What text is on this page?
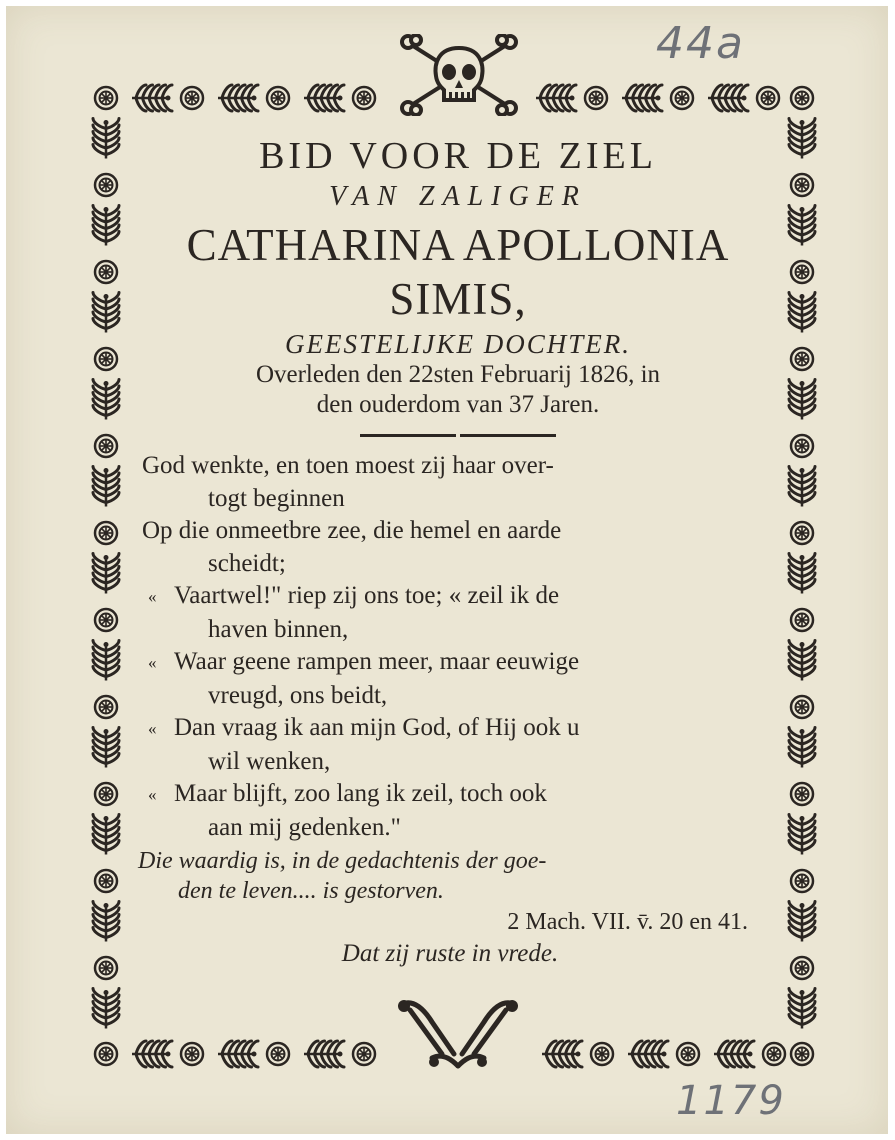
44a
1179
BID VOOR DE ZIEL
VAN ZALIGER
CATHARINA APOLLONIA
SIMIS,
GEESTELIJKE DOCHTER.
Overleden den 22sten Februarij 1826, in
den ouderdom van 37 Jaren.
God wenkte, en toen moest zij haar over-
togt beginnen
Op die onmeetbre zee, die hemel en aarde
scheidt;
« Vaartwel!" riep zij ons toe; « zeil ik de
haven binnen,
« Waar geene rampen meer, maar eeuwige
vreugd, ons beidt,
« Dan vraag ik aan mijn God, of Hij ook u
wil wenken,
« Maar blijft, zoo lang ik zeil, toch ook
aan mij gedenken."
Die waardig is, in de gedachtenis der goe-
den te leven.... is gestorven.
2 Mach. VII. v̄. 20 en 41.
Dat zij ruste in vrede.
